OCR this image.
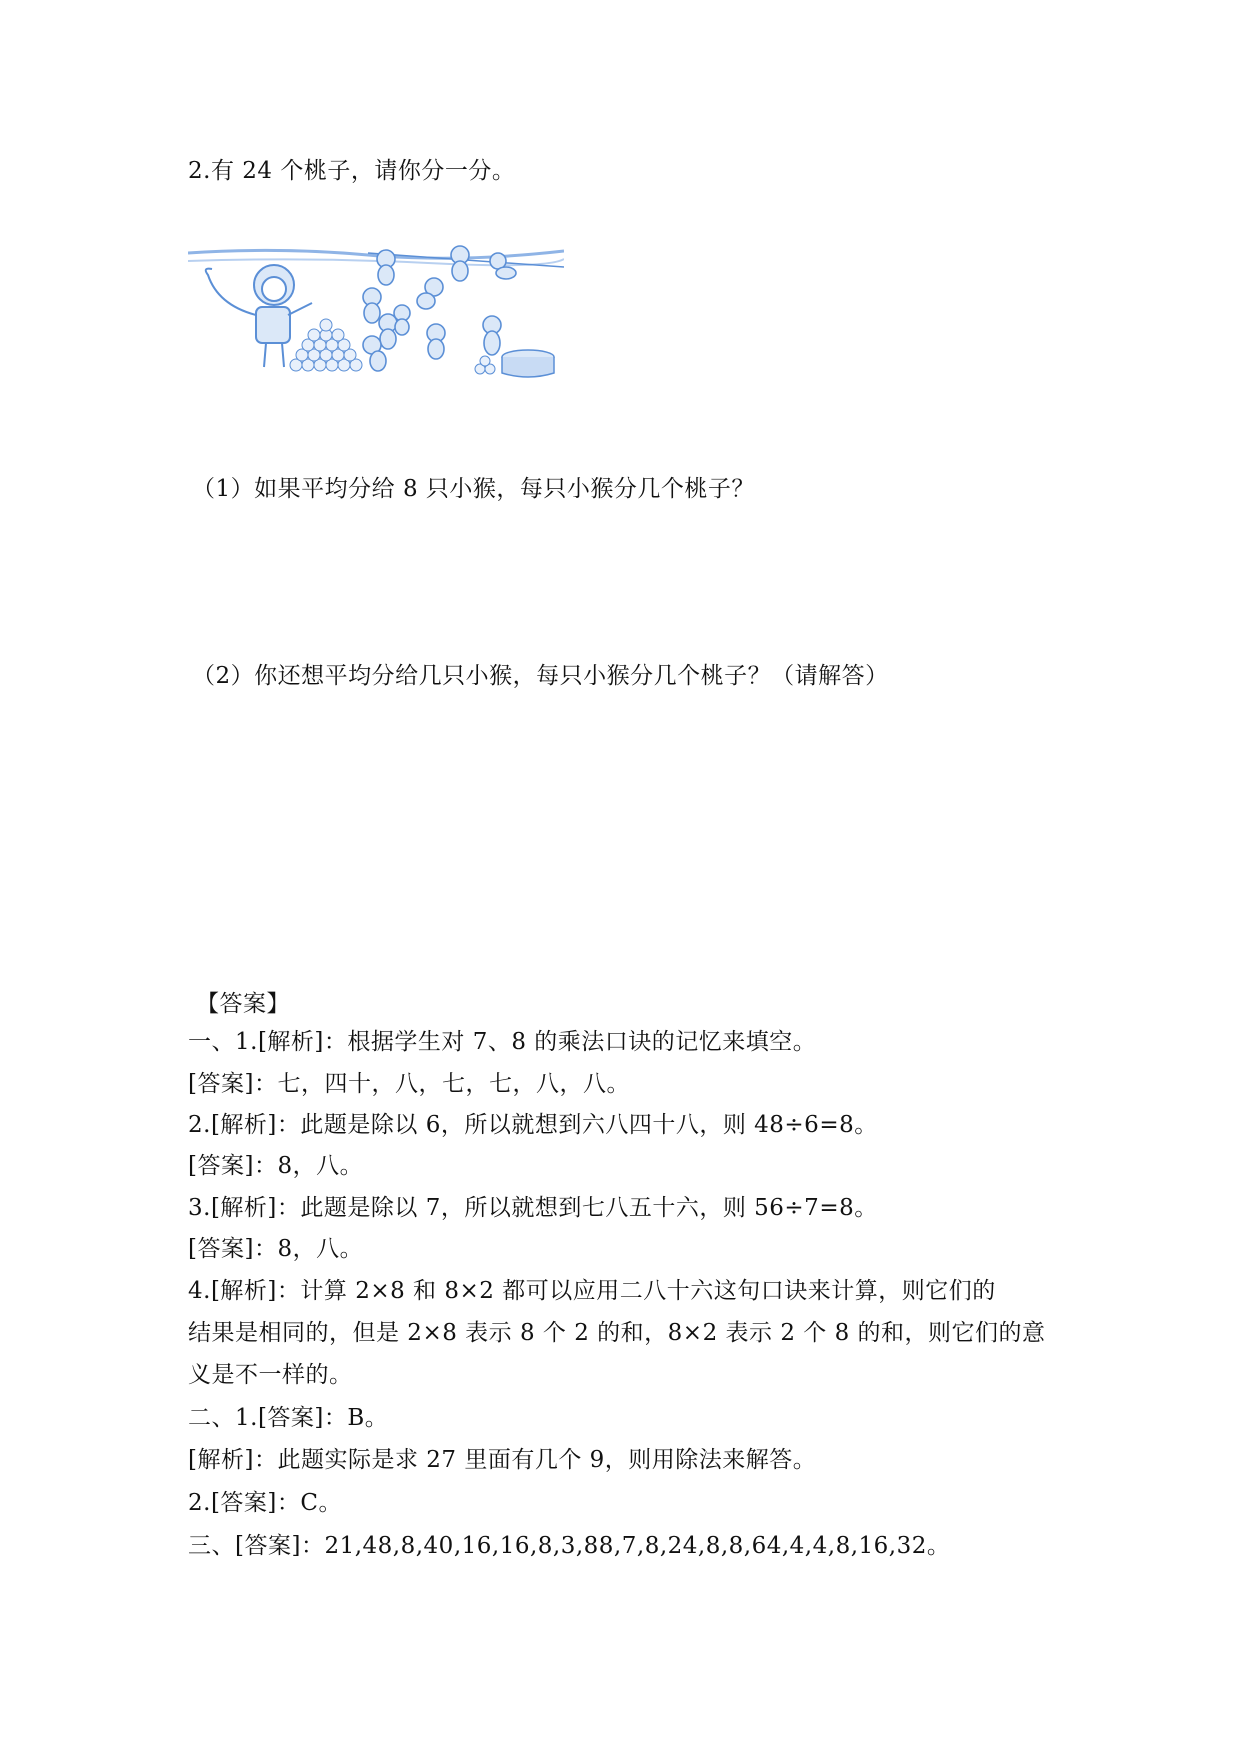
2.有 24 个桃子，请你分一分。
（1）如果平均分给 8 只小猴，每只小猴分几个桃子？
（2）你还想平均分给几只小猴，每只小猴分几个桃子？（请解答）
【答案】
一、1.[解析]：根据学生对 7、8 的乘法口诀的记忆来填空。
[答案]：七，四十，八，七，七，八，八。
2.[解析]：此题是除以 6，所以就想到六八四十八，则 48÷6=8。
[答案]：8，八。
3.[解析]：此题是除以 7，所以就想到七八五十六，则 56÷7=8。
[答案]：8，八。
4.[解析]：计算 2×8 和 8×2 都可以应用二八十六这句口诀来计算，则它们的
结果是相同的，但是 2×8 表示 8 个 2 的和，8×2 表示 2 个 8 的和，则它们的意
义是不一样的。
二、1.[答案]：B。
[解析]：此题实际是求 27 里面有几个 9，则用除法来解答。
2.[答案]：C。
三、[答案]：21,48,8,40,16,16,8,3,88,7,8,24,8,8,64,4,4,8,16,32。
